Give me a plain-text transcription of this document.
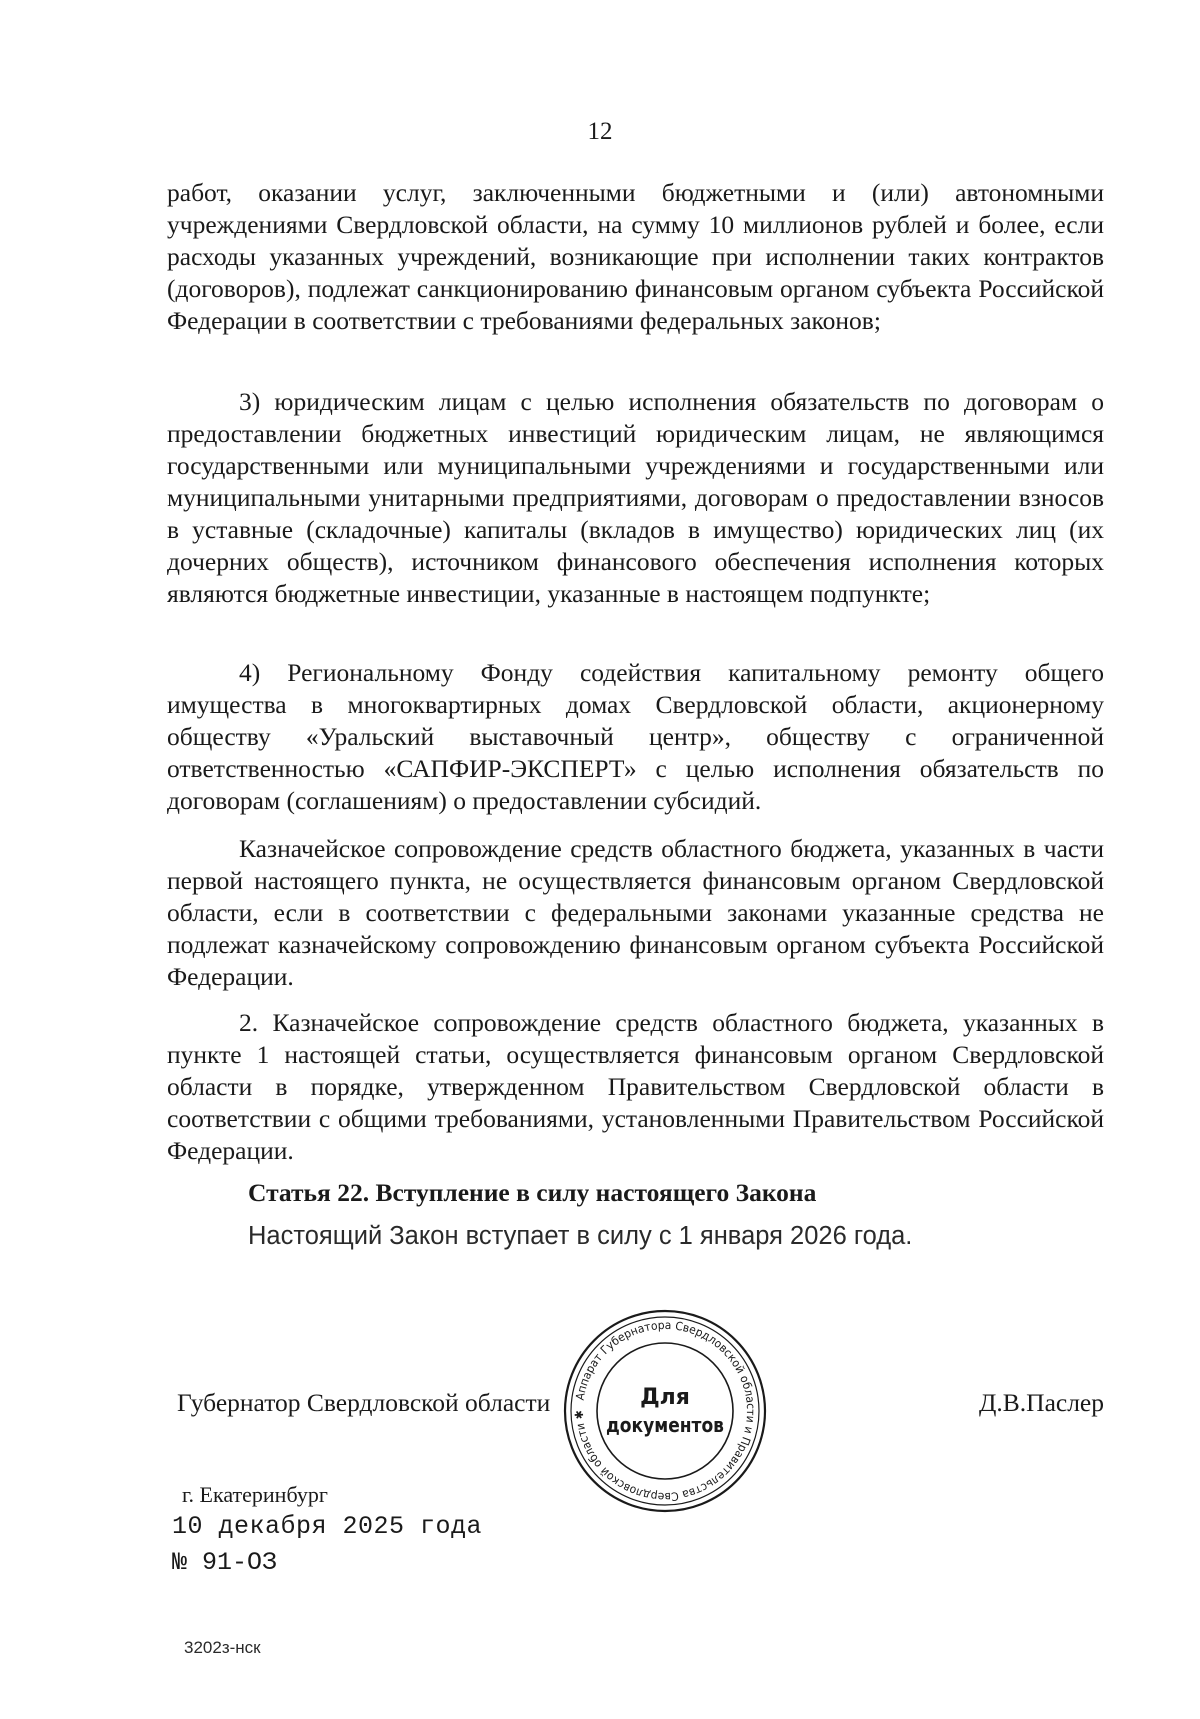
12

работ, оказании услуг, заключенными бюджетными и (или) автономными учреждениями Свердловской области, на сумму 10 миллионов рублей и более, если расходы указанных учреждений, возникающие при исполнении таких контрактов (договоров), подлежат санкционированию финансовым органом субъекта Российской Федерации в соответствии с требованиями федеральных законов;

3) юридическим лицам с целью исполнения обязательств по договорам о предоставлении бюджетных инвестиций юридическим лицам, не являющимся государственными или муниципальными учреждениями и государственными или муниципальными унитарными предприятиями, договорам о предоставлении взносов в уставные (складочные) капиталы (вкладов в имущество) юридических лиц (их дочерних обществ), источником финансового обеспечения исполнения которых являются бюджетные инвестиции, указанные в настоящем подпункте;

4) Региональному Фонду содействия капитальному ремонту общего имущества в многоквартирных домах Свердловской области, акционерному обществу «Уральский выставочный центр», обществу с ограниченной ответственностью «САПФИР-ЭКСПЕРТ» с целью исполнения обязательств по договорам (соглашениям) о предоставлении субсидий.

Казначейское сопровождение средств областного бюджета, указанных в части первой настоящего пункта, не осуществляется финансовым органом Свердловской области, если в соответствии с федеральными законами указанные средства не подлежат казначейскому сопровождению финансовым органом субъекта Российской Федерации.

2. Казначейское сопровождение средств областного бюджета, указанных в пункте 1 настоящей статьи, осуществляется финансовым органом Свердловской области в порядке, утвержденном Правительством Свердловской области в соответствии с общими требованиями, установленными Правительством Российской Федерации.

Статья 22. Вступление в силу настоящего Закона
Настоящий Закон вступает в силу с 1 января 2026 года.
Губернатор Свердловской области	Д.В.Паслер
г. Екатеринбург
10 декабря 2025 года
№ 91-ОЗ
3202з-нск
Аппарат Губернатора Свердловской области и Правительства Свердловской области ✱
Для
документов
